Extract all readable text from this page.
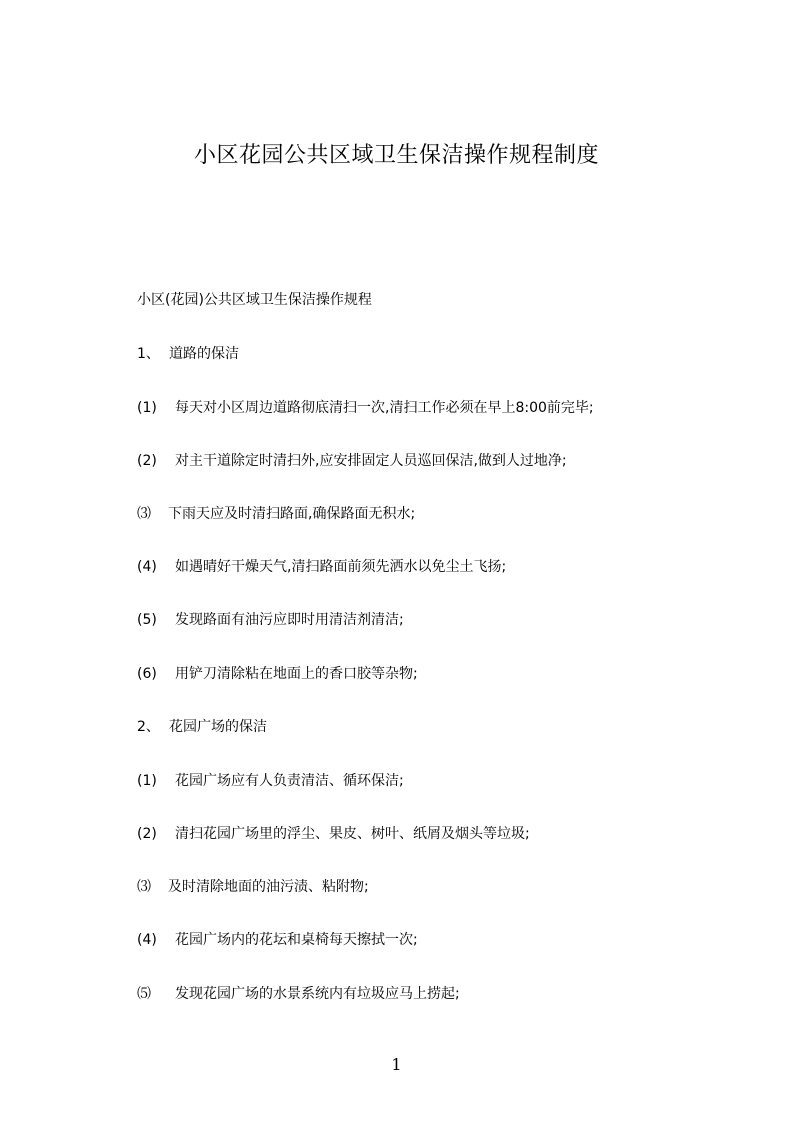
小区花园公共区域卫生保洁操作规程制度
小区(花园)公共区域卫生保洁操作规程
1、 道路的保洁
(1) 每天对小区周边道路彻底清扫一次,清扫工作必须在早上8:00前完毕;
(2) 对主干道除定时清扫外,应安排固定人员巡回保洁,做到人过地净;
⑶ 下雨天应及时清扫路面,确保路面无积水;
(4) 如遇晴好干燥天气,清扫路面前须先洒水以免尘土飞扬;
(5) 发现路面有油污应即时用清洁剂清洁;
(6) 用铲刀清除粘在地面上的香口胶等杂物;
2、 花园广场的保洁
(1) 花园广场应有人负责清洁、循环保洁;
(2) 清扫花园广场里的浮尘、果皮、树叶、纸屑及烟头等垃圾;
⑶ 及时清除地面的油污渍、粘附物;
(4) 花园广场内的花坛和桌椅每天擦拭一次;
⑸ 发现花园广场的水景系统内有垃圾应马上捞起;
1
